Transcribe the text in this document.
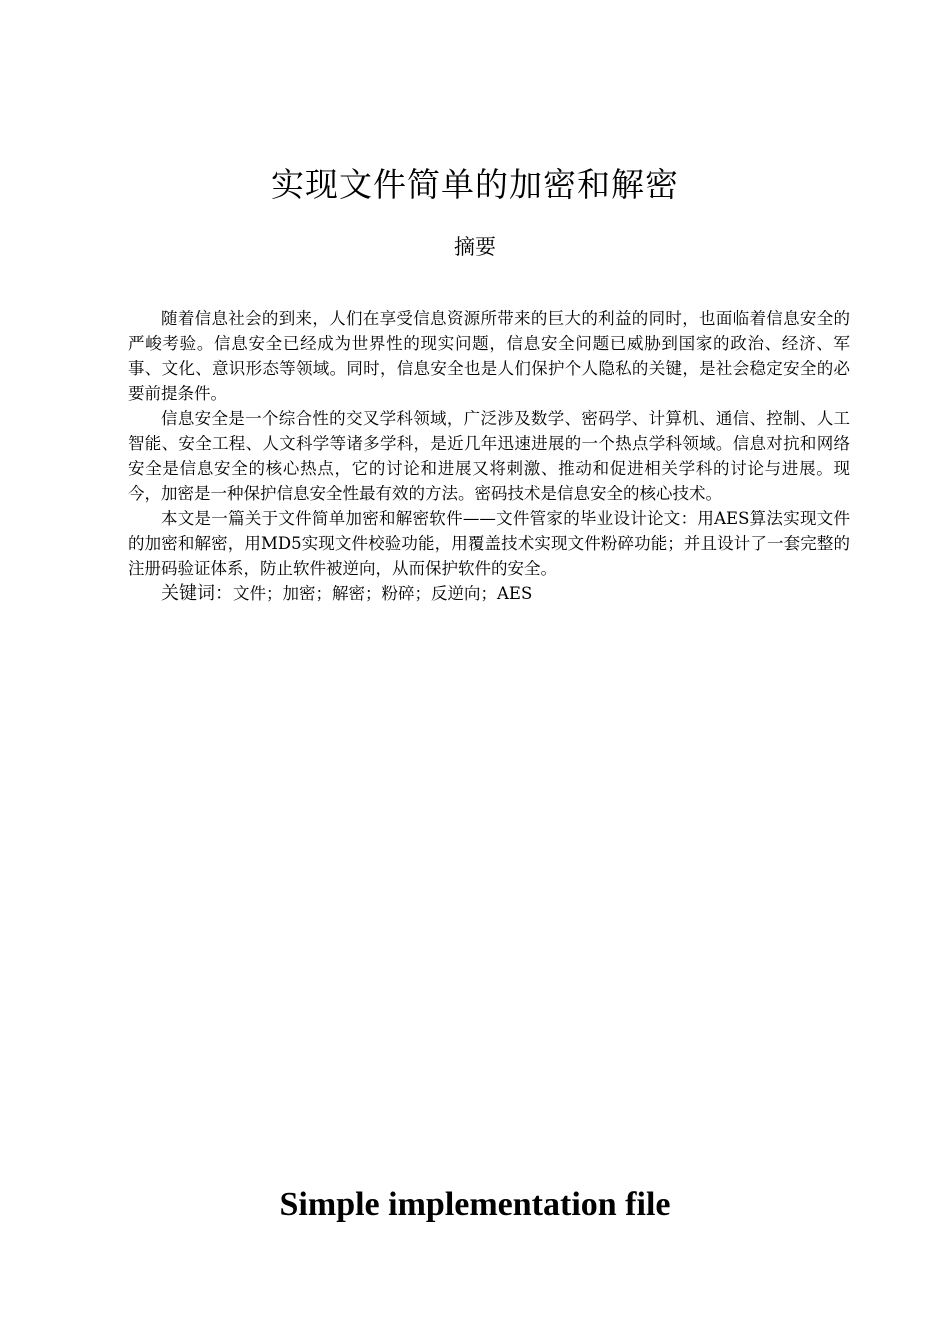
实现文件简单的加密和解密
摘要

随着信息社会的到来，人们在享受信息资源所带来的巨大的利益的同时，也面临着信息安全的严峻考验。信息安全已经成为世界性的现实问题，信息安全问题已威胁到国家的政治、经济、军事、文化、意识形态等领域。同时，信息安全也是人们保护个人隐私的关键，是社会稳定安全的必要前提条件。

信息安全是一个综合性的交叉学科领域，广泛涉及数学、密码学、计算机、通信、控制、人工智能、安全工程、人文科学等诸多学科，是近几年迅速进展的一个热点学科领域。信息对抗和网络安全是信息安全的核心热点，它的讨论和进展又将刺激、推动和促进相关学科的讨论与进展。现今，加密是一种保护信息安全性最有效的方法。密码技术是信息安全的核心技术。

本文是一篇关于文件简单加密和解密软件——文件管家的毕业设计论文：用AES算法实现文件的加密和解密，用MD5实现文件校验功能，用覆盖技术实现文件粉碎功能；并且设计了一套完整的注册码验证体系，防止软件被逆向，从而保护软件的安全。

关键词：文件；加密；解密；粉碎；反逆向；AES

Simple implementation file
